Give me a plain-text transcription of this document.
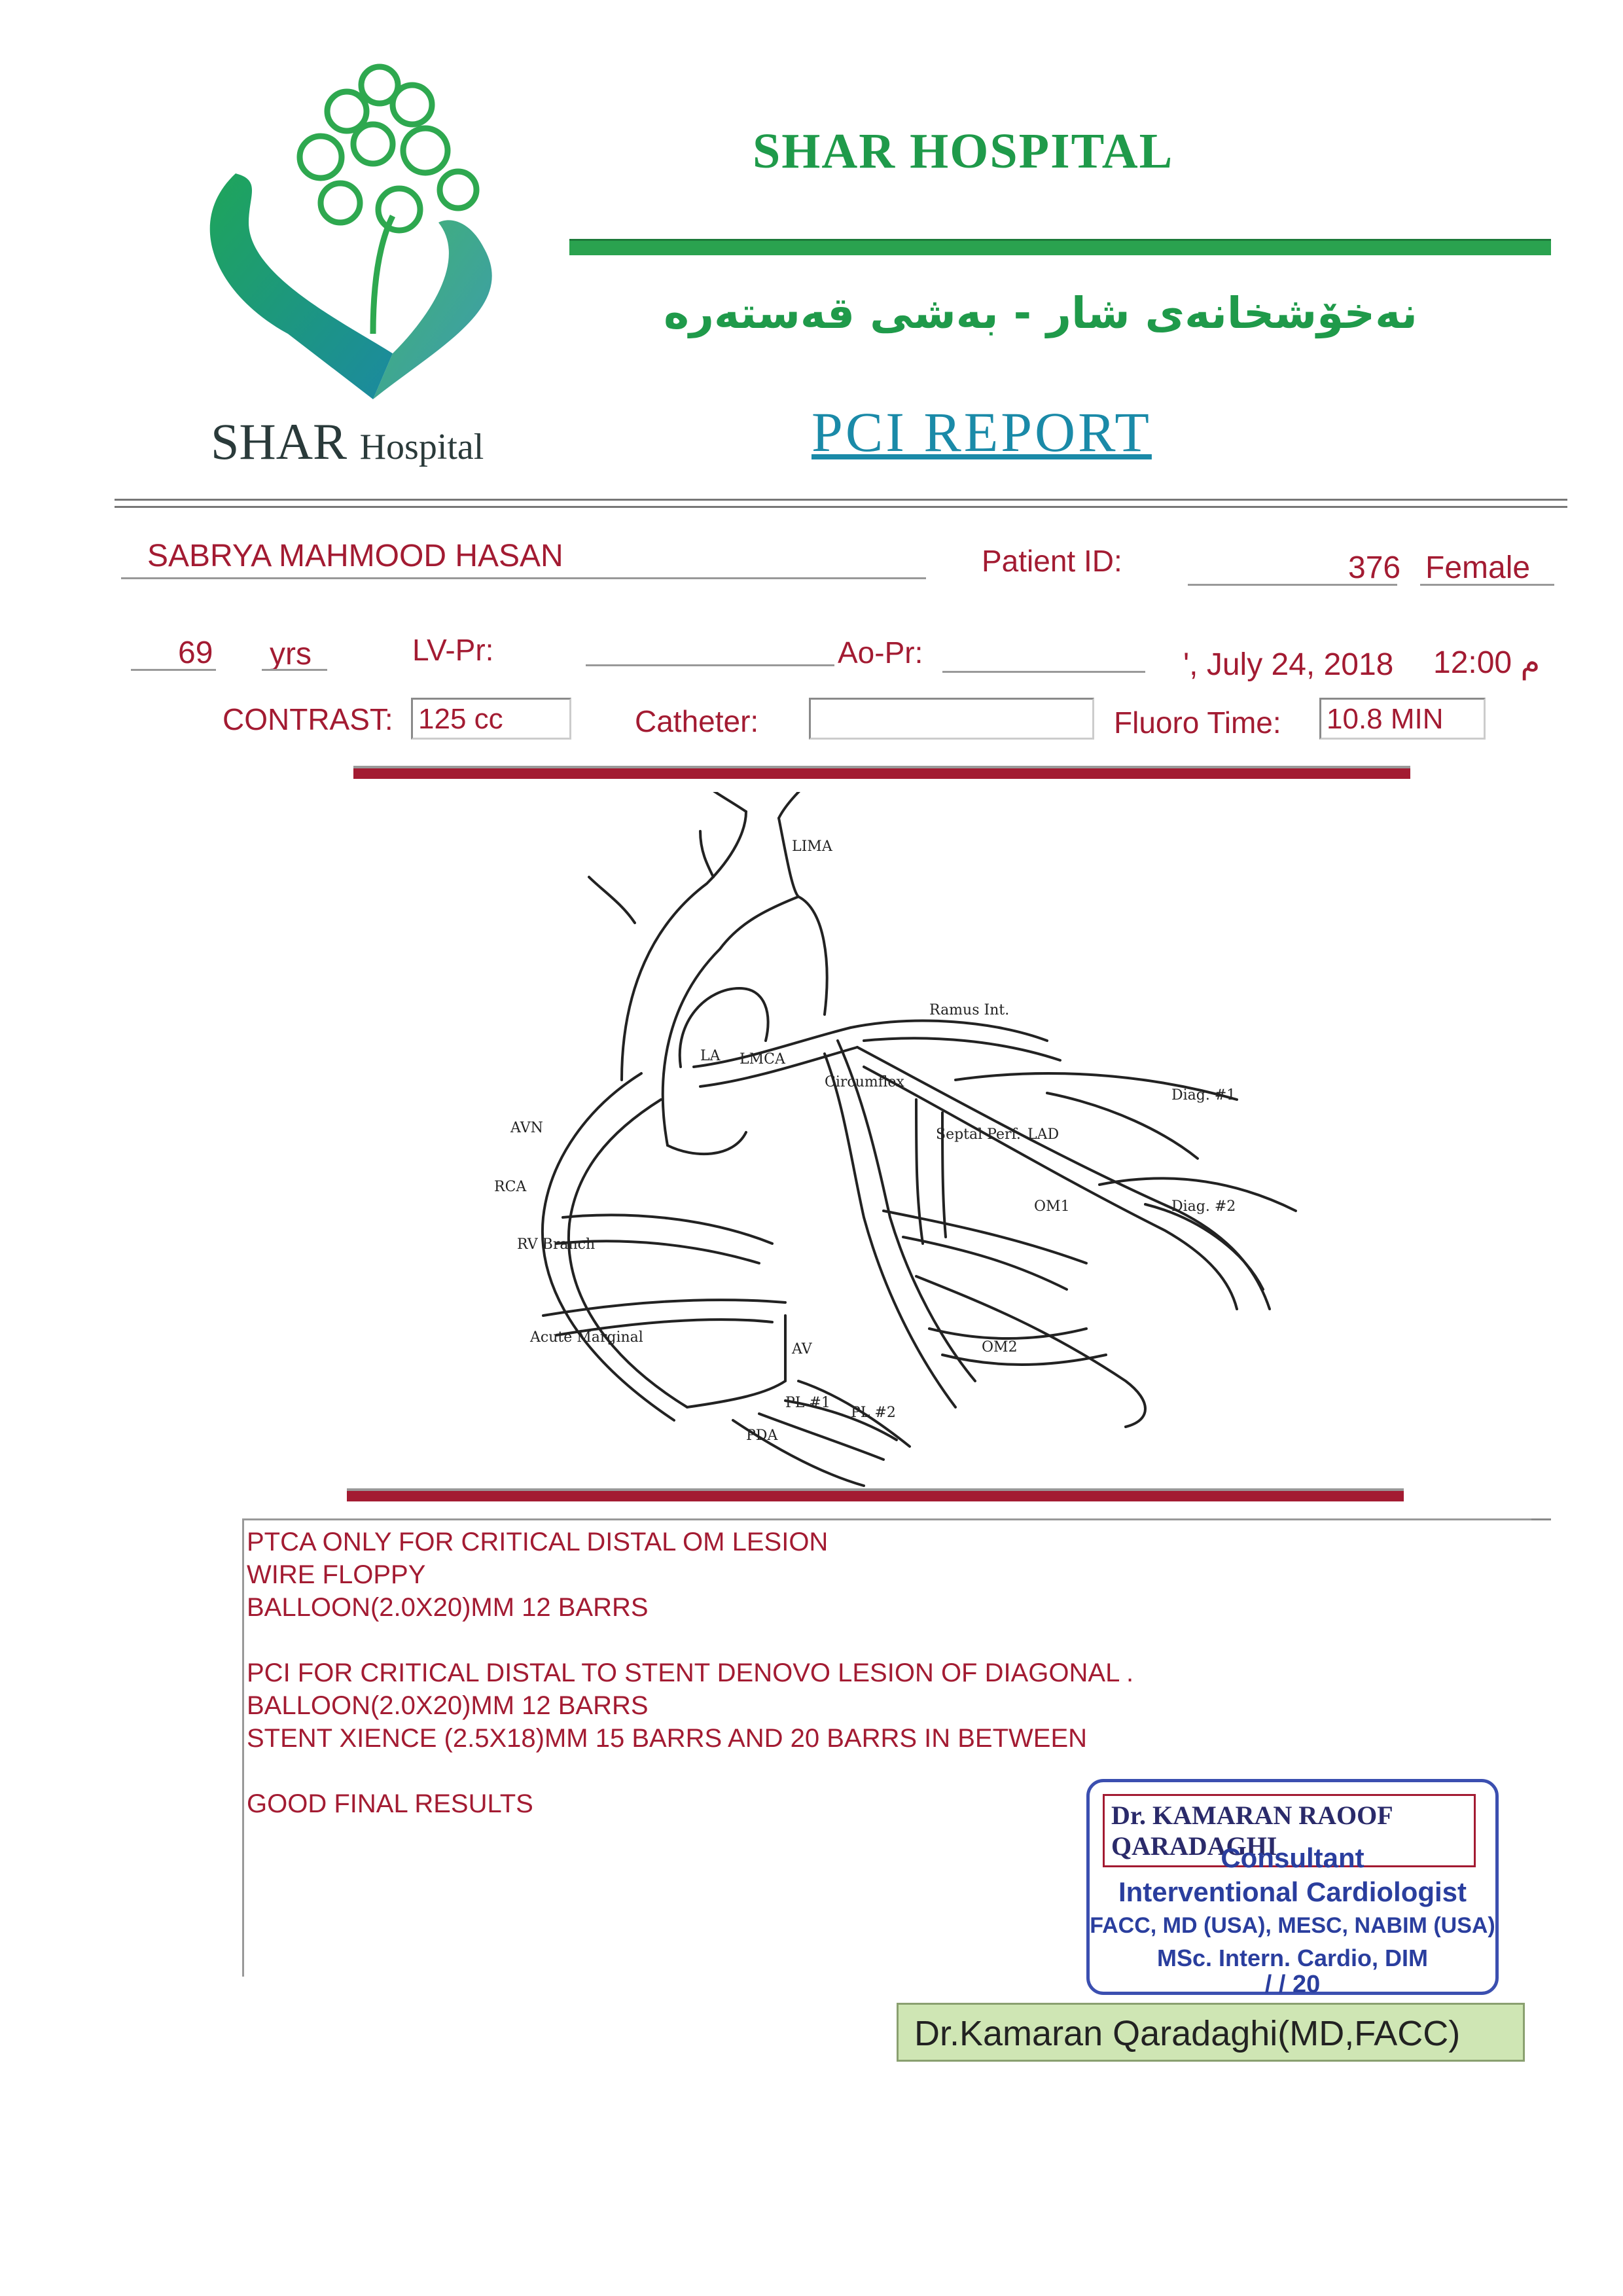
SHAR Hospital
SHAR HOSPITAL
نەخۆشخانەی شار - بەشی قەستەرە
PCI REPORT
SABRYA MAHMOOD HASAN	Patient ID:	376 Female
69 yrs	LV-Pr:	Ao-Pr:	', July 24, 2018 م 12:00
CONTRAST: 125 cc	Catheter:	Fluoro Time: 10.8 MIN
LIMA
Ramus Int.
LA LMCA
AVN
RCA
Circumflex
Septal Perf. LAD
Diag. #1
Diag. #2
OM1
OM2
RV Branch
Acute Marginal
AV
PL #1
PL #2
PDA
PTCA ONLY FOR CRITICAL DISTAL OM LESION
WIRE FLOPPY
BALLOON(2.0X20)MM 12 BARRS
PCI FOR CRITICAL DISTAL TO STENT DENOVO LESION OF DIAGONAL .
BALLOON(2.0X20)MM 12 BARRS
STENT XIENCE (2.5X18)MM 15 BARRS AND 20 BARRS IN BETWEEN
GOOD FINAL RESULTS	Dr. KAMARAN RAOOF QARADAGHI
Consultant
Interventional Cardiologist
FACC, MD (USA), MESC, NABIM (USA)
MSc. Intern. Cardio, DIM
/ / 20
Dr.Kamaran Qaradaghi(MD,FACC)
